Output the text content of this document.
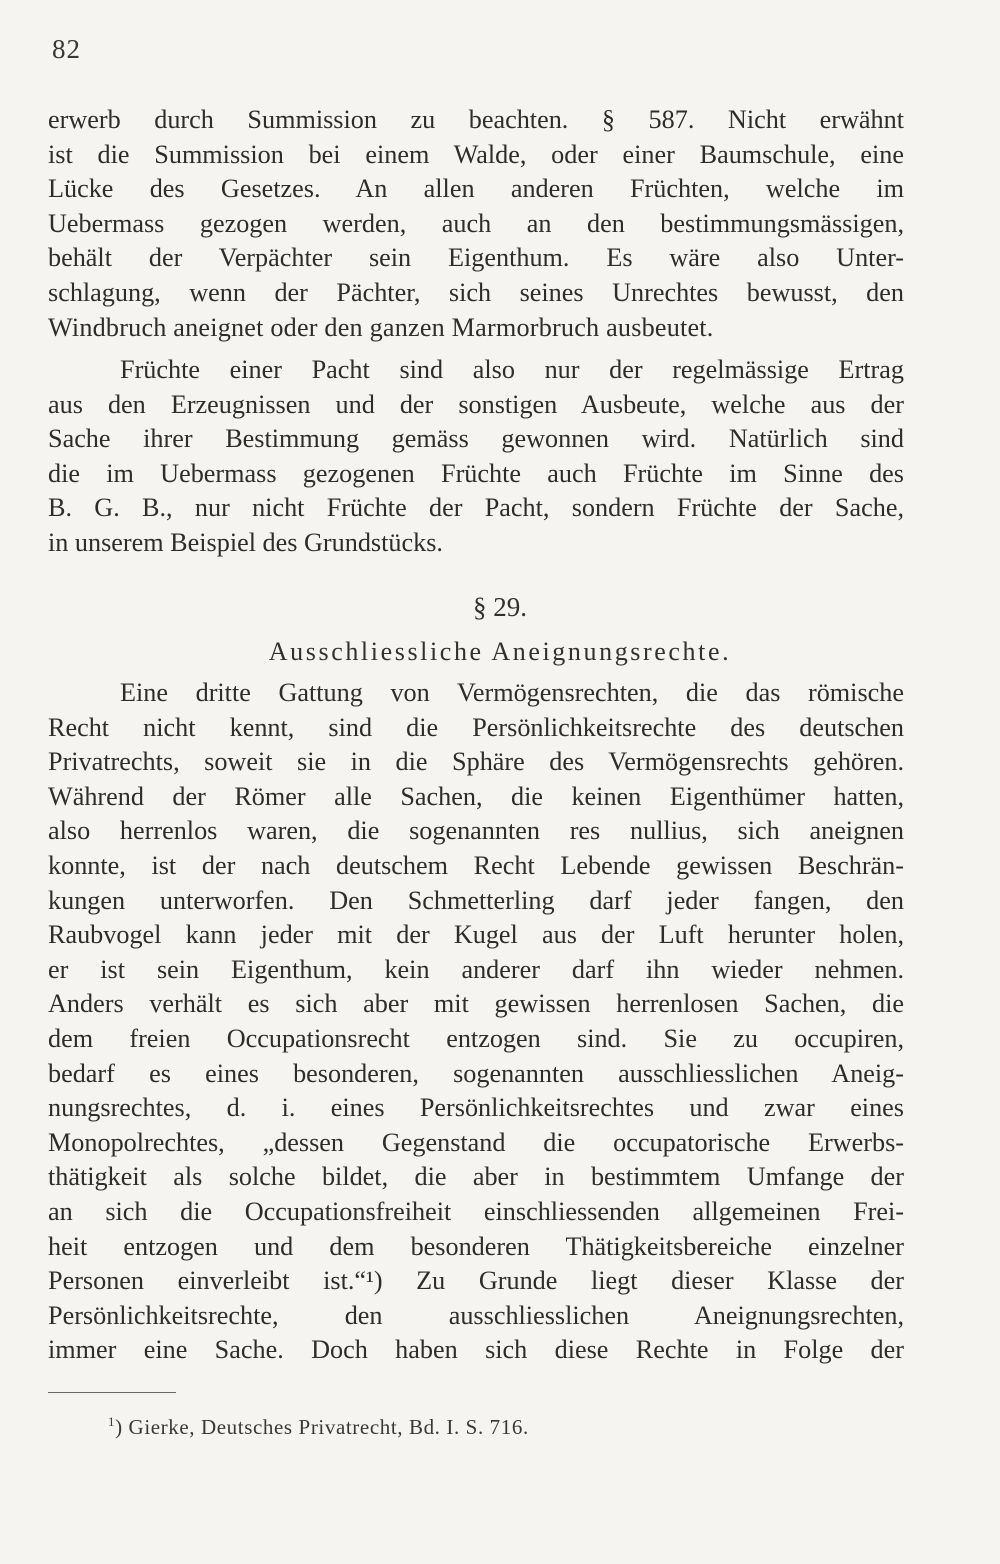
82

erwerb durch Summission zu beachten. § 587. Nicht erwähnt

ist die Summission bei einem Walde, oder einer Baumschule, eine

Lücke des Gesetzes. An allen anderen Früchten, welche im

Uebermass gezogen werden, auch an den bestimmungsmässigen,

behält der Verpächter sein Eigenthum. Es wäre also Unter-

schlagung, wenn der Pächter, sich seines Unrechtes bewusst, den

Windbruch aneignet oder den ganzen Marmorbruch ausbeutet.

Früchte einer Pacht sind also nur der regelmässige Ertrag

aus den Erzeugnissen und der sonstigen Ausbeute, welche aus der

Sache ihrer Bestimmung gemäss gewonnen wird. Natürlich sind

die im Uebermass gezogenen Früchte auch Früchte im Sinne des

B. G. B., nur nicht Früchte der Pacht, sondern Früchte der Sache,

in unserem Beispiel des Grundstücks.

§ 29.
Ausschliessliche Aneignungsrechte.

Eine dritte Gattung von Vermögensrechten, die das römische

Recht nicht kennt, sind die Persönlichkeitsrechte des deutschen

Privatrechts, soweit sie in die Sphäre des Vermögensrechts gehören.

Während der Römer alle Sachen, die keinen Eigenthümer hatten,

also herrenlos waren, die sogenannten res nullius, sich aneignen

konnte, ist der nach deutschem Recht Lebende gewissen Beschrän-

kungen unterworfen. Den Schmetterling darf jeder fangen, den

Raubvogel kann jeder mit der Kugel aus der Luft herunter holen,

er ist sein Eigenthum, kein anderer darf ihn wieder nehmen.

Anders verhält es sich aber mit gewissen herrenlosen Sachen, die

dem freien Occupationsrecht entzogen sind. Sie zu occupiren,

bedarf es eines besonderen, sogenannten ausschliesslichen Aneig-

nungsrechtes, d. i. eines Persönlichkeitsrechtes und zwar eines

Monopolrechtes, „dessen Gegenstand die occupatorische Erwerbs-

thätigkeit als solche bildet, die aber in bestimmtem Umfange der

an sich die Occupationsfreiheit einschliessenden allgemeinen Frei-

heit entzogen und dem besonderen Thätigkeitsbereiche einzelner

Personen einverleibt ist.“¹) Zu Grunde liegt dieser Klasse der

Persönlichkeitsrechte, den ausschliesslichen Aneignungsrechten,

immer eine Sache. Doch haben sich diese Rechte in Folge der

$^1$) Gierke, Deutsches Privatrecht, Bd. I. S. 716.
